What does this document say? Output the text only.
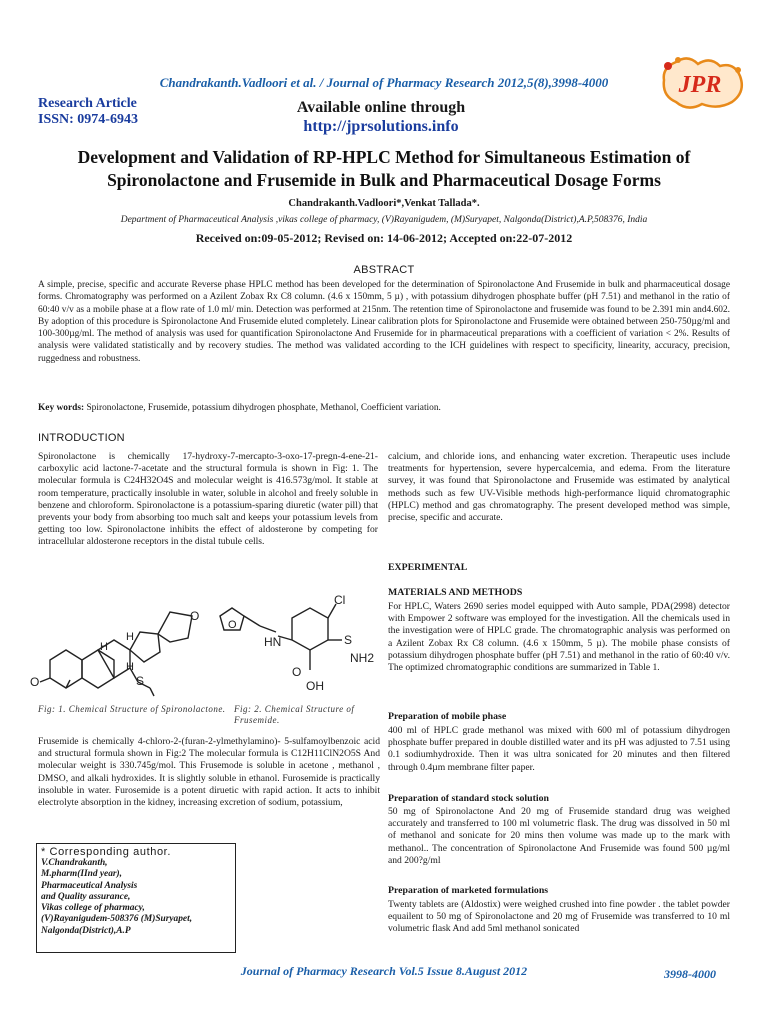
Chandrakanth.Vadloori et al. / Journal of Pharmacy Research 2012,5(8),3998-4000
Research Article
ISSN: 0974-6943
Available online through
http://jprsolutions.info
JPR
Development and Validation of RP-HPLC Method for Simultaneous Estimation of
Spironolactone and Frusemide in Bulk and Pharmaceutical Dosage Forms
Chandrakanth.Vadloori*,Venkat Tallada*.
Department of Pharmaceutical Analysis ,vikas college of pharmacy, (V)Rayanigudem, (M)Suryapet, Nalgonda(District),A.P,508376, India
Received on:09-05-2012; Revised on: 14-06-2012; Accepted on:22-07-2012
ABSTRACT
A simple, precise, specific and accurate Reverse phase HPLC method has been developed for the determination of Spironolactone And Frusemide in bulk and pharmaceutical dosage forms. Chromatography was performed on a Azilent Zobax Rx C8 column. (4.6 x 150mm, 5 µ) , with potassium dihydrogen phosphate buffer (pH 7.51) and methanol in the ratio of 60:40 v/v as a mobile phase at a flow rate of 1.0 ml/ min. Detection was performed at 215nm. The retention time of Spironolactone and frusemide was found to be 2.391 min and4.602. By adoption of this procedure is Spironolactone And Frusemide eluted completely. Linear calibration plots for Spironolactone and Frusemide were obtained between 250-750µg/ml and 100-300µg/ml. The method of analysis was used for quantification Spironolactone And Frusemide for in pharmaceutical preparations with a coefficient of variation < 2%. Results of analysis were validated statistically and by recovery studies. The method was validated according to the ICH guidelines with respect to specificity, linearity, accuracy, precision, ruggedness and robustness.
Key words: Spironolactone, Frusemide, potassium dihydrogen phosphate, Methanol, Coefficient variation.
INTRODUCTION
Spironolactone is chemically 17-hydroxy-7-mercapto-3-oxo-17-pregn-4-ene-21-carboxylic acid lactone-7-acetate and the structural formula is shown in Fig: 1. The molecular formula is C24H32O4S and molecular weight is 416.573g/mol. It stable at room temperature, practically insoluble in water, soluble in alcohol and freely soluble in benzene and chloroform. Spironolactone is a potassium-sparing diuretic (water pill) that prevents your body from absorbing too much salt and keeps your potassium levels from getting too low. Spironolactone inhibits the effect of aldosterone by competing for intracellular aldosterone receptors in the distal tubule cells.
O
O
S
H
H
H
O
HN
Cl
S
NH2
O
OH
Fig: 1. Chemical Structure of Spironolactone. Fig: 2. Chemical Structure of Frusemide.
Frusemide is chemically 4-chloro-2-(furan-2-ylmethylamino)- 5-sulfamoylbenzoic acid and structural formula shown in Fig:2 The molecular formula is C12H11ClN2O5S And molecular weight is 330.745g/mol. This Frusemode is soluble in acetone , methanol , DMSO, and alkali hydroxides. It is slightly soluble in ethanol. Furosemide is practically insoluble in water. Furosemide is a potent diruetic with rapid action. It acts to inhibit electrolyte absorption in the kidney, increasing excretion of sodium, potassium,
* Corresponding author.
V.Chandrakanth,
M.pharm(IInd year),
Pharmaceutical Analysis
and Quality assurance,
Vikas college of pharmacy,
(V)Rayanigudem-508376 (M)Suryapet,
Nalgonda(District),A.P
calcium, and chloride ions, and enhancing water excretion. Therapeutic uses include treatments for hypertension, severe hypercalcemia, and edema. From the literature survey, it was found that Spironolactone and Frusemide was estimated by analytical methods such as few UV-Visible methods high-performance liquid chromatographic (HPLC) method and gas chromatography. The present developed method was simple, precise, specific and accurate.
EXPERIMENTAL
MATERIALS AND METHODS
For HPLC, Waters 2690 series model equipped with Auto sample, PDA(2998) detector with Empower 2 software was employed for the investigation. All the chemicals used in the investigation were of HPLC grade. The chromatographic analysis was performed on a Azilent Zobax Rx C8 column. (4.6 x 150mm, 5 µ). The mobile phase consists of potassium dihydrogen phosphate buffer (pH 7.51) and methanol in the ratio of 60:40 v/v. The optimized chromatographic conditions are summarized in Table 1.
Preparation of mobile phase
400 ml of HPLC grade methanol was mixed with 600 ml of potassium dihydrogen phosphate buffer prepared in double distilled water and its pH was adjusted to 7.51 using 0.1 sodiumhydroxide. Then it was ultra sonicated for 20 minutes and then filtered through 0.4µm membrane filter paper.
Preparation of standard stock solution
50 mg of Spironolactone And 20 mg of Frusemide standard drug was weighed accurately and transferred to 100 ml volumetric flask. The drug was dissolved in 50 ml of methanol and sonicate for 20 mins then volume was made up to the mark with methanol.. The concentration of Spironolactone And Frusemide was found 500 µg/ml and 200?g/ml
Preparation of marketed formulations
Twenty tablets are (Aldostix) were weighed crushed into fine powder . the tablet powder equailent to 50 mg of Spironolactone and 20 mg of Frusemide was transferred to 10 ml volumetric flask And add 5ml methanol sonicated
Journal of Pharmacy Research Vol.5 Issue 8.August 2012	3998-4000
